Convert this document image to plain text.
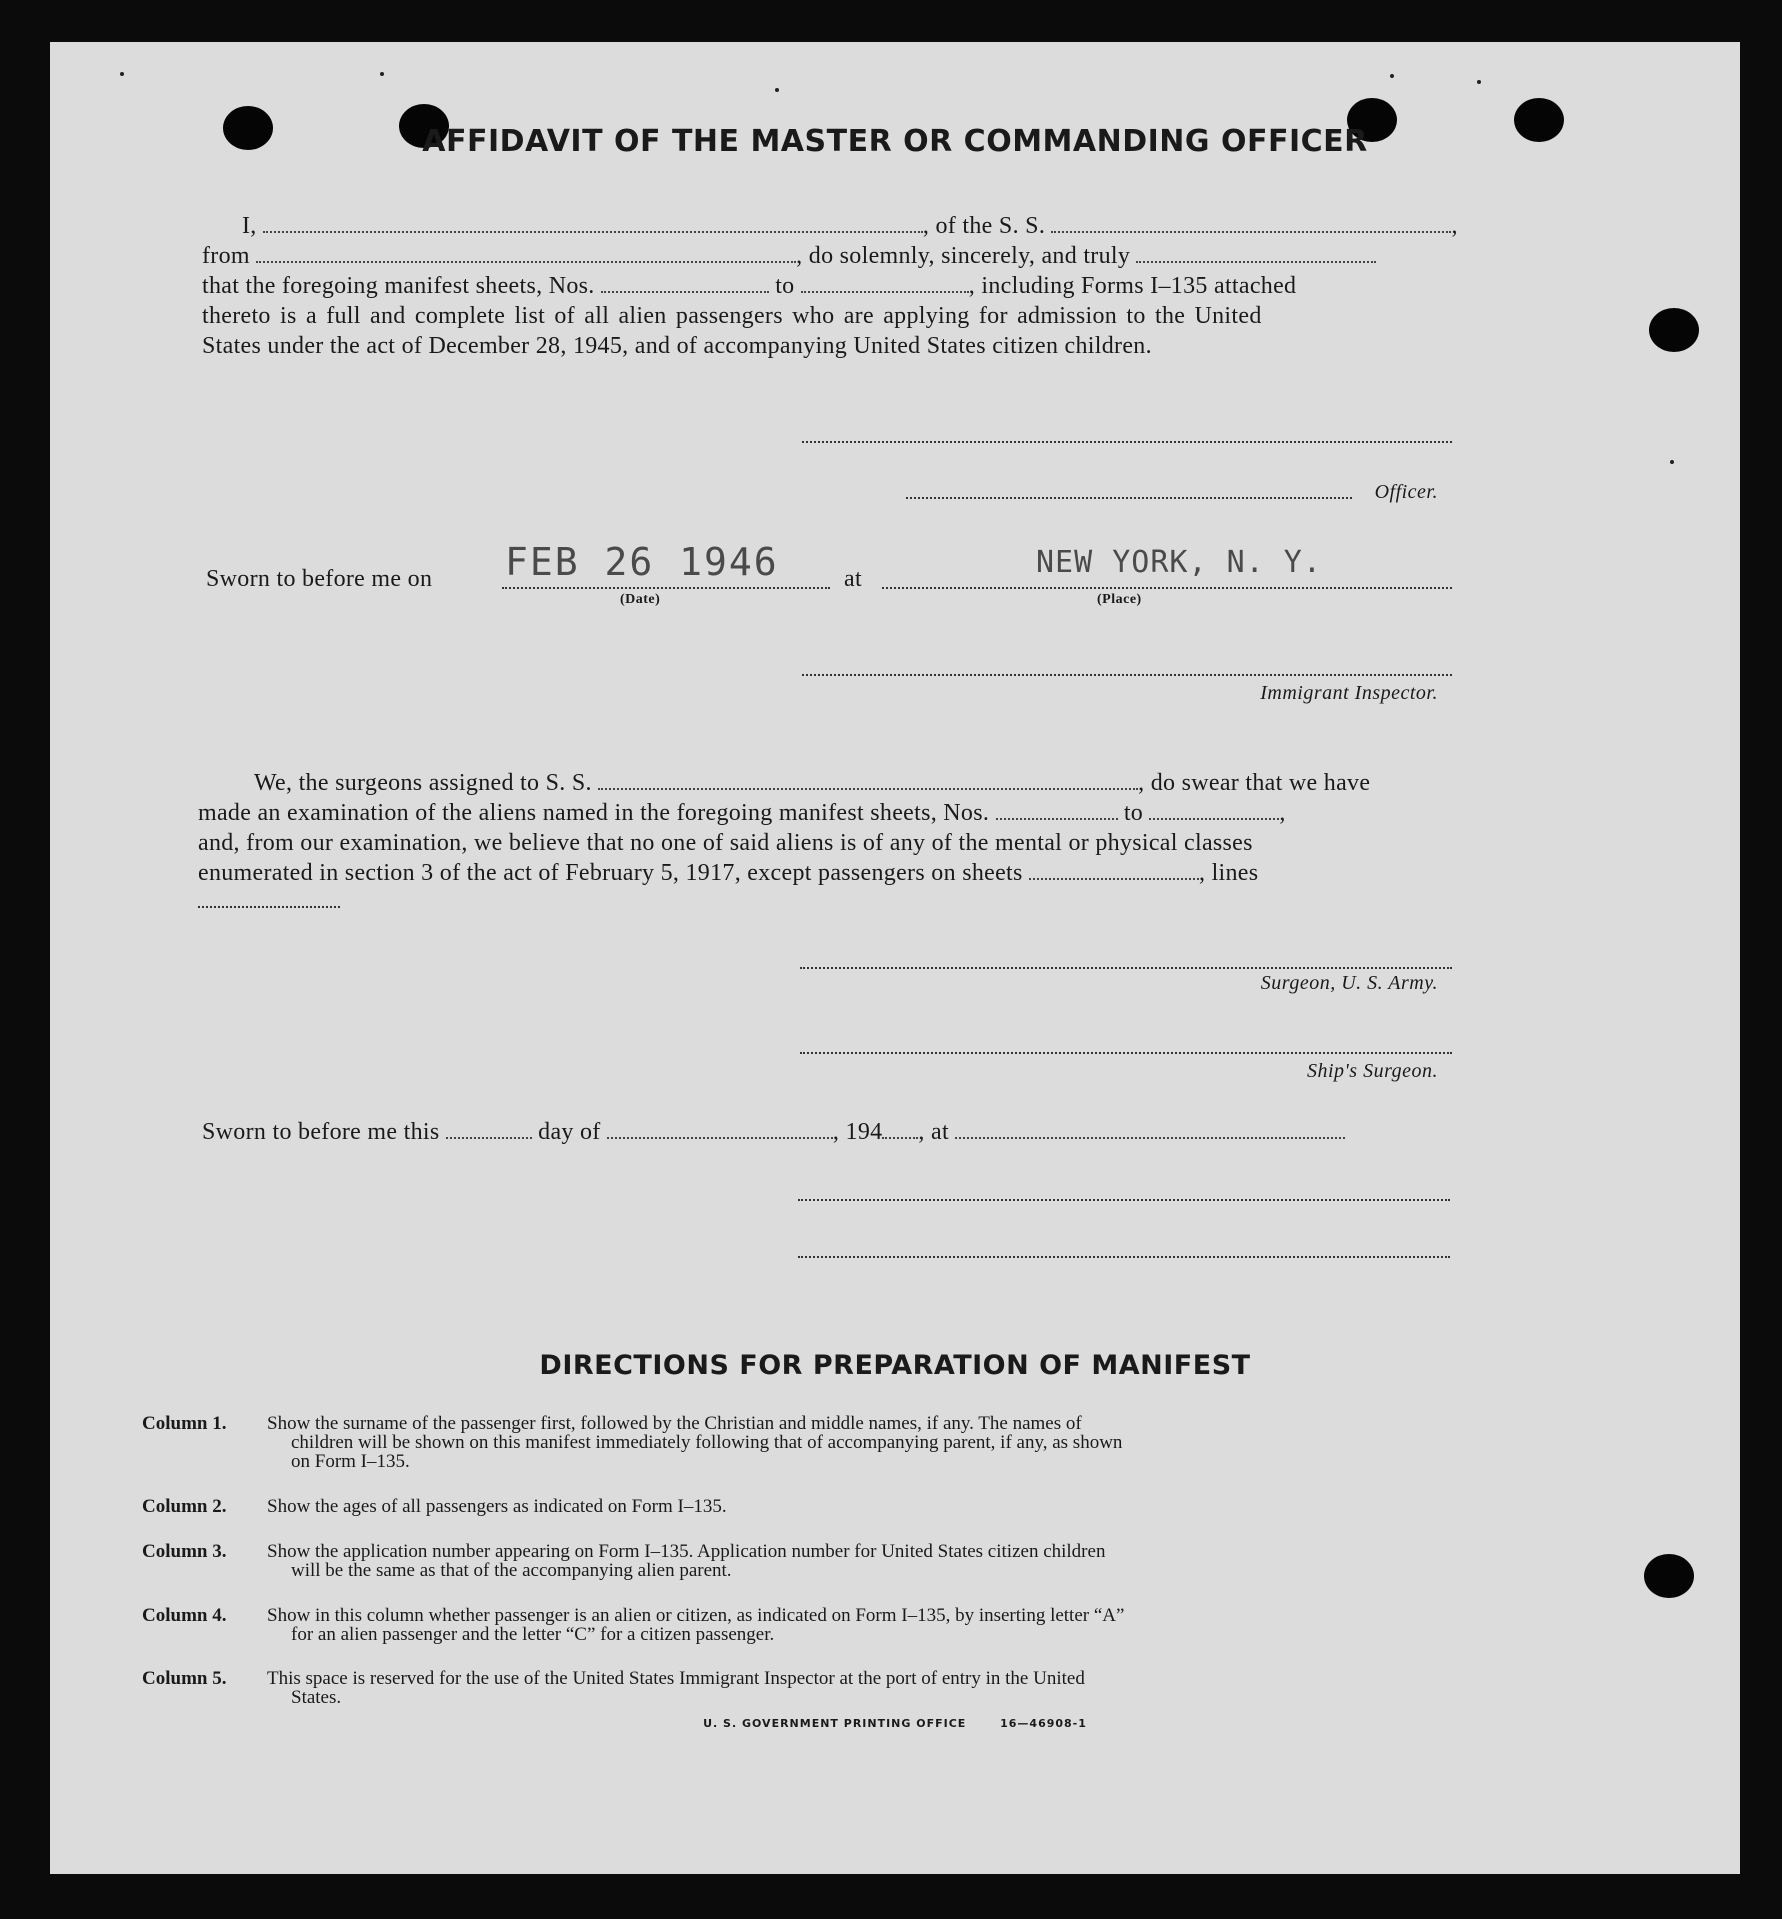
AFFIDAVIT OF THE MASTER OR COMMANDING OFFICER
I,	, of the S. S.	,
from	, do solemnly, sincerely, and truly
that the foregoing manifest sheets, Nos.	to	, including Forms I–135 attached
thereto is a full and complete list of all alien passengers who are applying for admission to the United
States under the act of December 28, 1945, and of accompanying United States citizen children.
Officer.
Sworn to before me on FEB 26 1946
(Date)
at	NEW YORK, N. Y.
(Place)
Immigrant Inspector.
We, the surgeons assigned to S. S.	, do swear that we have
made an examination of the aliens named in the foregoing manifest sheets, Nos.	to	,
and, from our examination, we believe that no one of said aliens is of any of the mental or physical classes
enumerated in section 3 of the act of February 5, 1917, except passengers on sheets	, lines
Surgeon, U. S. Army.
Ship's Surgeon.
Sworn to before me this	day of	, 194 , at
DIRECTIONS FOR PREPARATION OF MANIFEST
Column 1.	Show the surname of the passenger first, followed by the Christian and middle names, if any. The names of
children will be shown on this manifest immediately following that of accompanying parent, if any, as shown
on Form I–135.
Column 2.	Show the ages of all passengers as indicated on Form I–135.
Column 3.	Show the application number appearing on Form I–135. Application number for United States citizen children
will be the same as that of the accompanying alien parent.
Column 4.	Show in this column whether passenger is an alien or citizen, as indicated on Form I–135, by inserting letter “A”
for an alien passenger and the letter “C” for a citizen passenger.
Column 5.	This space is reserved for the use of the United States Immigrant Inspector at the port of entry in the United
States.
U. S. GOVERNMENT PRINTING OFFICE       16—46908-1
